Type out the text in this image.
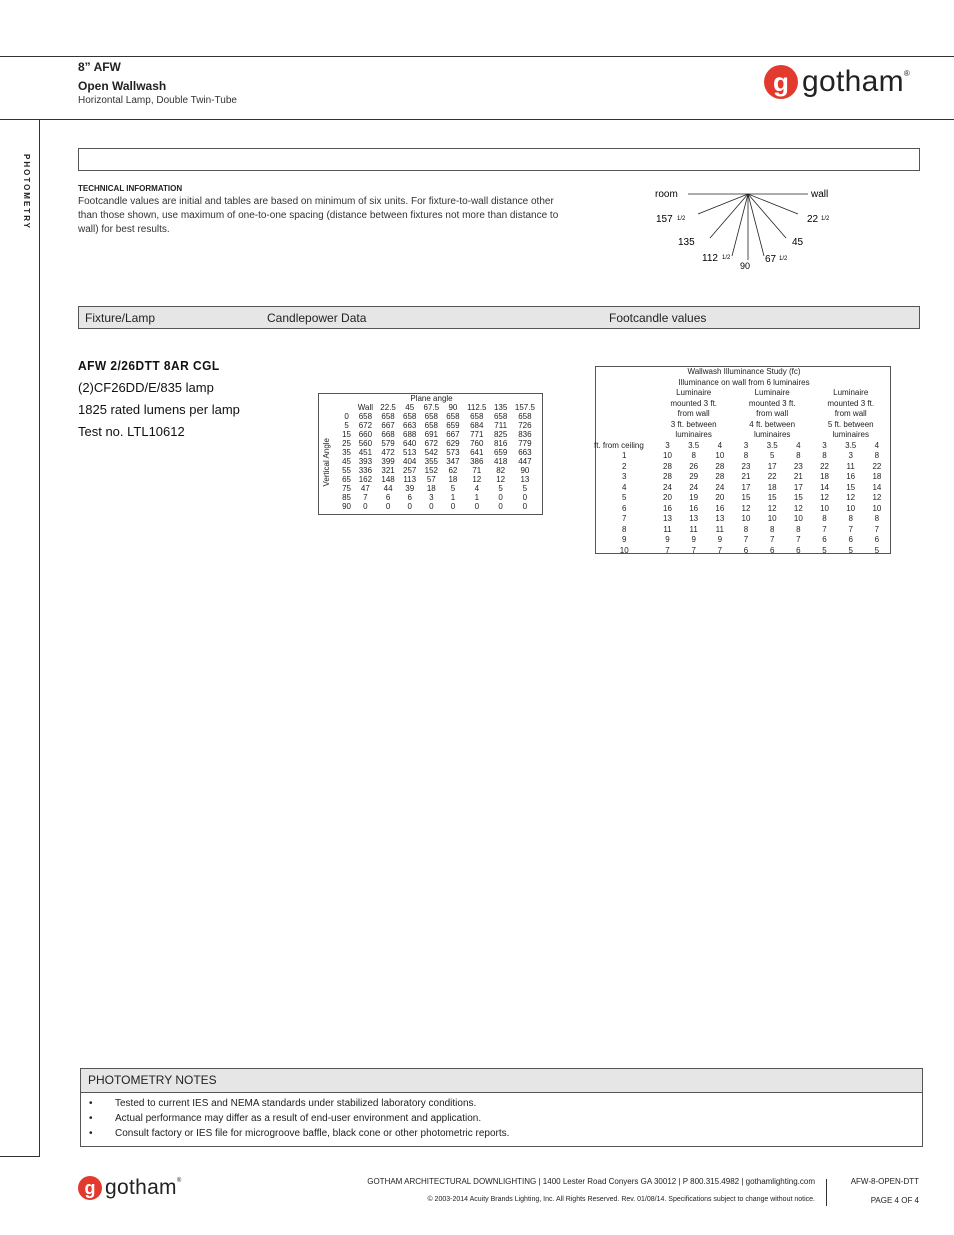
8” AFW
Open Wallwash
Horizontal Lamp, Double Twin-Tube
g gotham ®
PHOTOMETRY	TECHNICAL INFORMATION
Footcandle values are initial and tables are based on minimum of six units. For fixture-to-wall distance other than those shown, use maximum of one-to-one spacing (distance between fixtures not more than distance to wall) for best results.
room	wall
157 1/2
135
112 1/2
90
67 1/2
45
22 1/2
Fixture/Lamp	Candlepower Data	Footcandle values
AFW 2/26DTT 8AR CGL
(2)CF26DD/E/835 lamp
1825 rated lumens per lamp
Test no. LTL10612
Plane angle
Vertical Angle
	Wall	22.5	45	67.5	90	112.5	135	157.5
0	658	658	658	658	658	658	658	658
5	672	667	663	658	659	684	711	726
15	660	668	688	691	667	771	825	836
25	560	579	640	672	629	760	816	779
35	451	472	513	542	573	641	659	663
45	393	399	404	355	347	386	418	447
55	336	321	257	152	62	71	82	90
65	162	148	113	57	18	12	12	13
75	47	44	39	18	5	4	5	5
85	7	6	6	3	1	1	0	0
90	0	0	0	0	0	0	0	0
Wallwash Illuminance Study (fc)
Illuminance on wall from 6 luminaires
	Luminaire			Luminaire			Luminaire		
	mounted 3 ft.			mounted 3 ft.			mounted 3 ft.		
	from wall			from wall			from wall		
	3 ft. between			4 ft. between			5 ft. between		
	luminaires			luminaires			luminaires		
ft. from ceiling	3	3.5	4	3	3.5	4	3	3.5	4
1	10	8	10	8	5	8	8	3	8
2	28	26	28	23	17	23	22	11	22
3	28	29	28	21	22	21	18	16	18
4	24	24	24	17	18	17	14	15	14
5	20	19	20	15	15	15	12	12	12
6	16	16	16	12	12	12	10	10	10
7	13	13	13	10	10	10	8	8	8
8	11	11	11	8	8	8	7	7	7
9	9	9	9	7	7	7	6	6	6
10	7	7	7	6	6	6	5	5	5
PHOTOMETRY NOTES
• Tested to current IES and NEMA standards under stabilized laboratory conditions.
• Actual performance may differ as a result of end-user environment and application.
• Consult factory or IES file for microgroove baffle, black cone or other photometric reports.
g gotham ®	GOTHAM ARCHITECTURAL DOWNLIGHTING | 1400 Lester Road Conyers GA 30012 | P 800.315.4982 | gothamlighting.com
© 2003-2014 Acuity Brands Lighting, Inc. All Rights Reserved. Rev. 01/08/14. Specifications subject to change without notice.
AFW-8-OPEN-DTT
PAGE 4 OF 4
